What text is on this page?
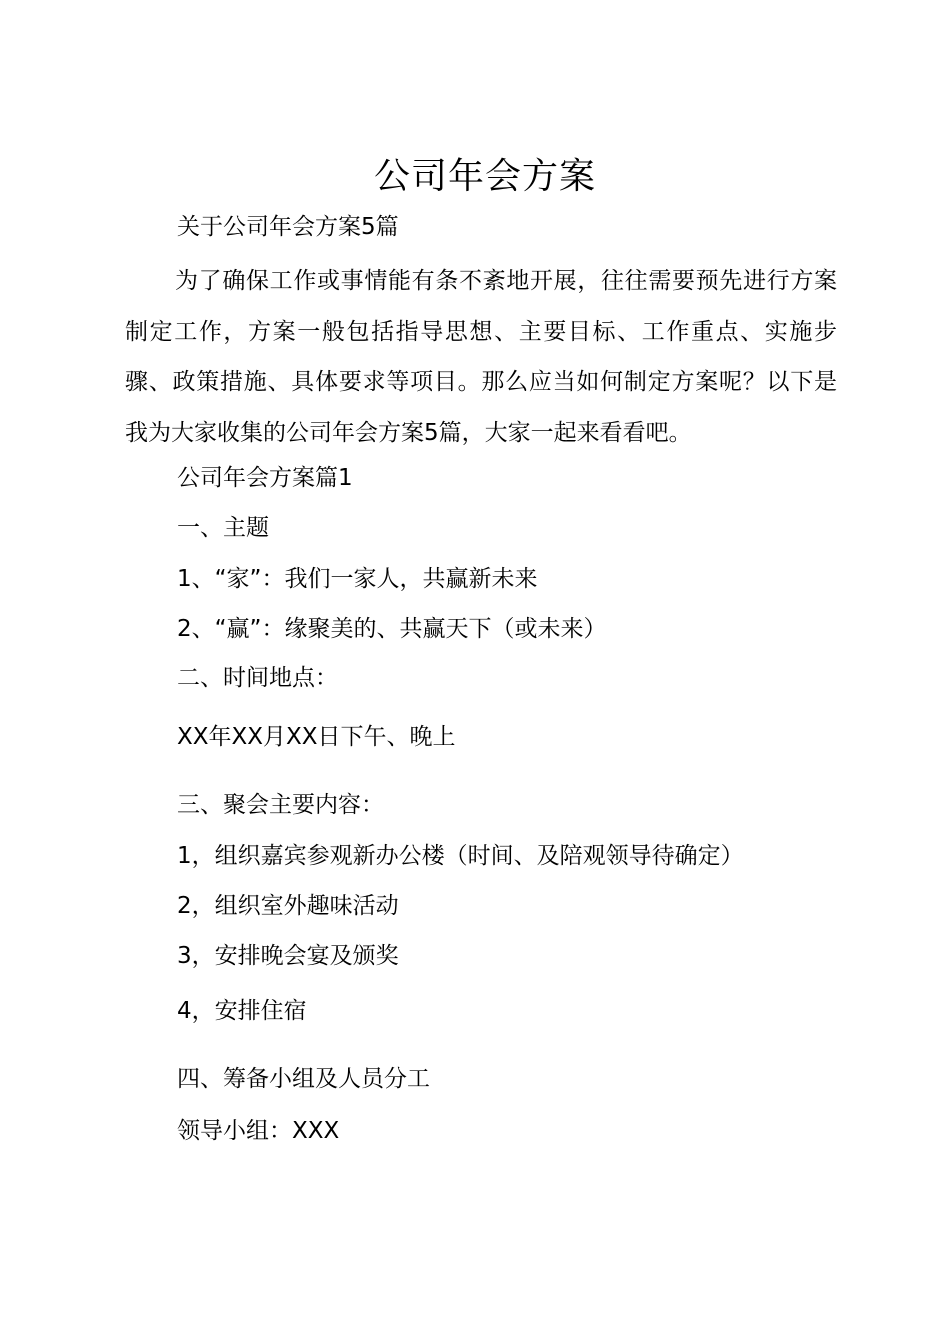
公司年会方案
关于公司年会方案5篇

为了确保工作或事情能有条不紊地开展，往往需要预先进行方案制定工作，方案一般包括指导思想、主要目标、工作重点、实施步骤、政策措施、具体要求等项目。那么应当如何制定方案呢？以下是我为大家收集的公司年会方案5篇，大家一起来看看吧。

公司年会方案篇1
一、主题
1、“家”：我们一家人，共赢新未来
2、“赢”：缘聚美的、共赢天下（或未来）
二、时间地点：
XX年XX月XX日下午、晚上
三、聚会主要内容：
1，组织嘉宾参观新办公楼（时间、及陪观领导待确定）
2，组织室外趣味活动
3，安排晚会宴及颁奖
4，安排住宿
四、筹备小组及人员分工
领导小组：XXX
